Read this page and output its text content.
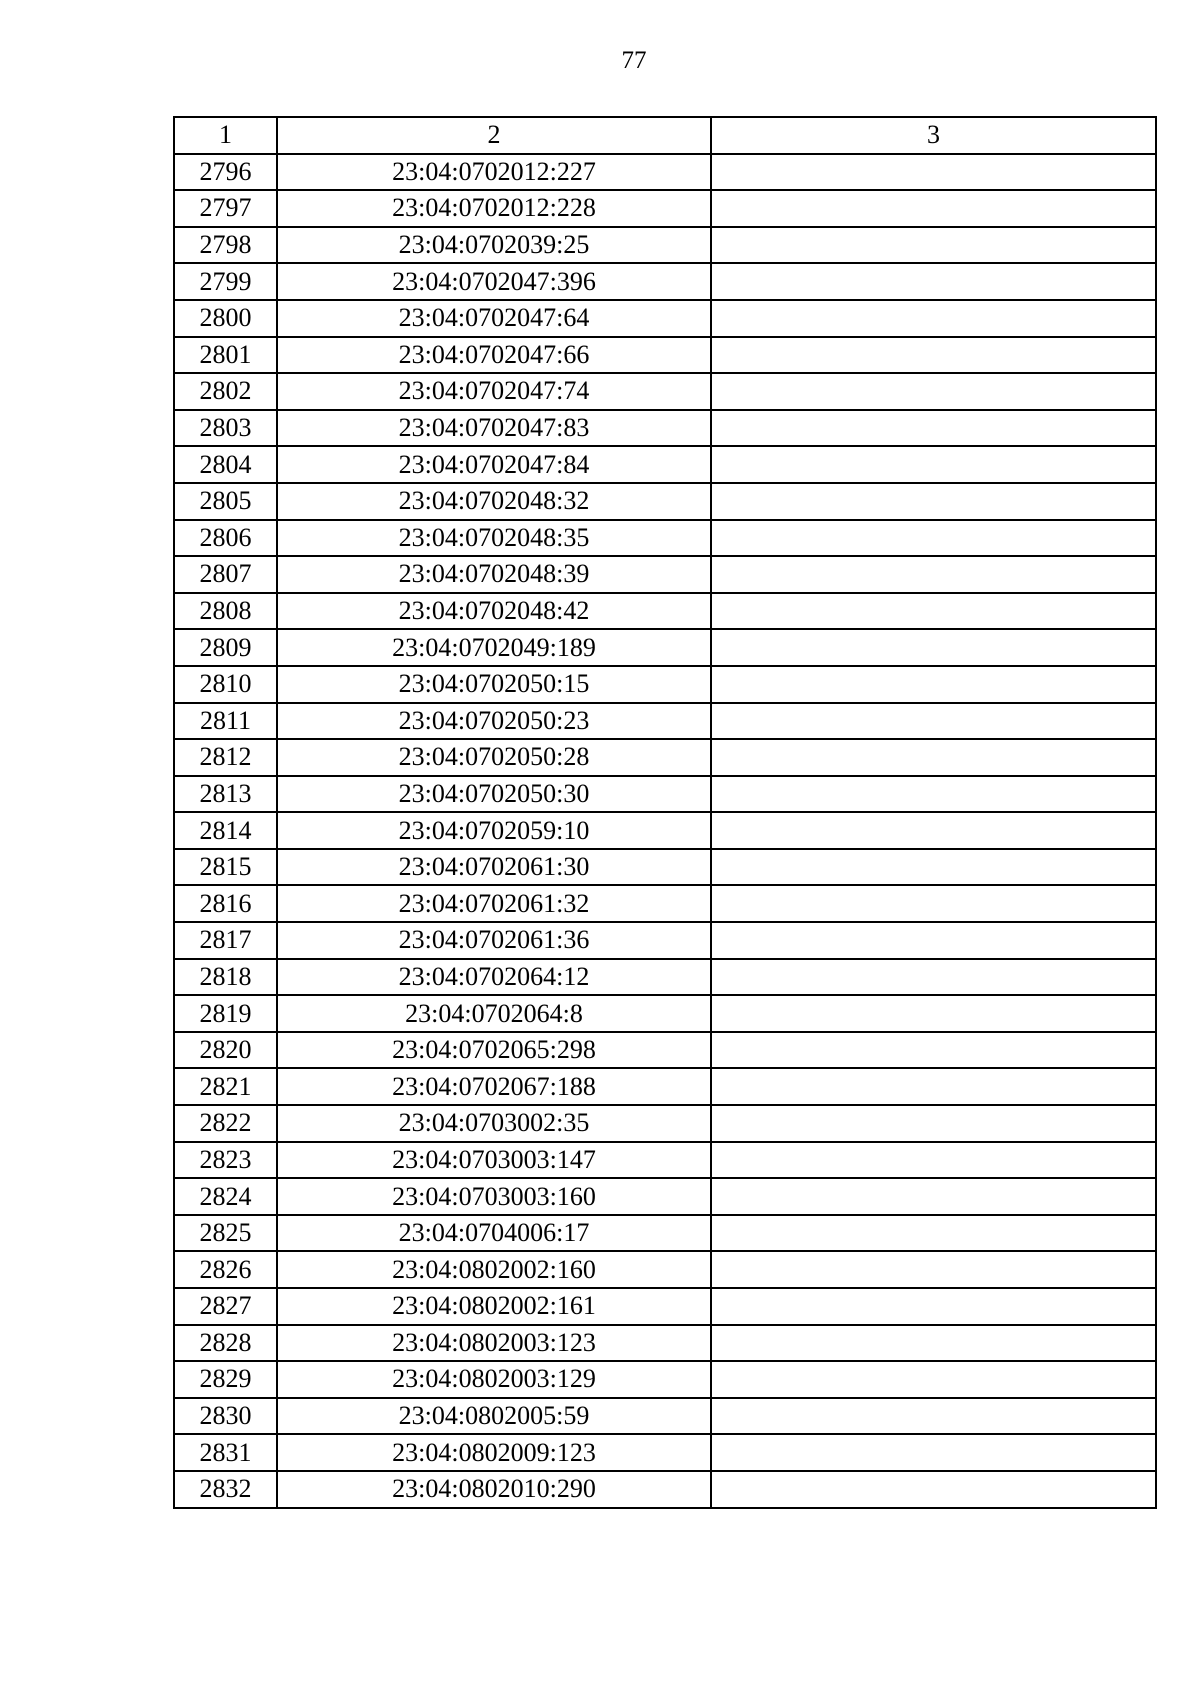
77
1	2	3
2796	23:04:0702012:227	
2797	23:04:0702012:228	
2798	23:04:0702039:25	
2799	23:04:0702047:396	
2800	23:04:0702047:64	
2801	23:04:0702047:66	
2802	23:04:0702047:74	
2803	23:04:0702047:83	
2804	23:04:0702047:84	
2805	23:04:0702048:32	
2806	23:04:0702048:35	
2807	23:04:0702048:39	
2808	23:04:0702048:42	
2809	23:04:0702049:189	
2810	23:04:0702050:15	
2811	23:04:0702050:23	
2812	23:04:0702050:28	
2813	23:04:0702050:30	
2814	23:04:0702059:10	
2815	23:04:0702061:30	
2816	23:04:0702061:32	
2817	23:04:0702061:36	
2818	23:04:0702064:12	
2819	23:04:0702064:8	
2820	23:04:0702065:298	
2821	23:04:0702067:188	
2822	23:04:0703002:35	
2823	23:04:0703003:147	
2824	23:04:0703003:160	
2825	23:04:0704006:17	
2826	23:04:0802002:160	
2827	23:04:0802002:161	
2828	23:04:0802003:123	
2829	23:04:0802003:129	
2830	23:04:0802005:59	
2831	23:04:0802009:123	
2832	23:04:0802010:290	
